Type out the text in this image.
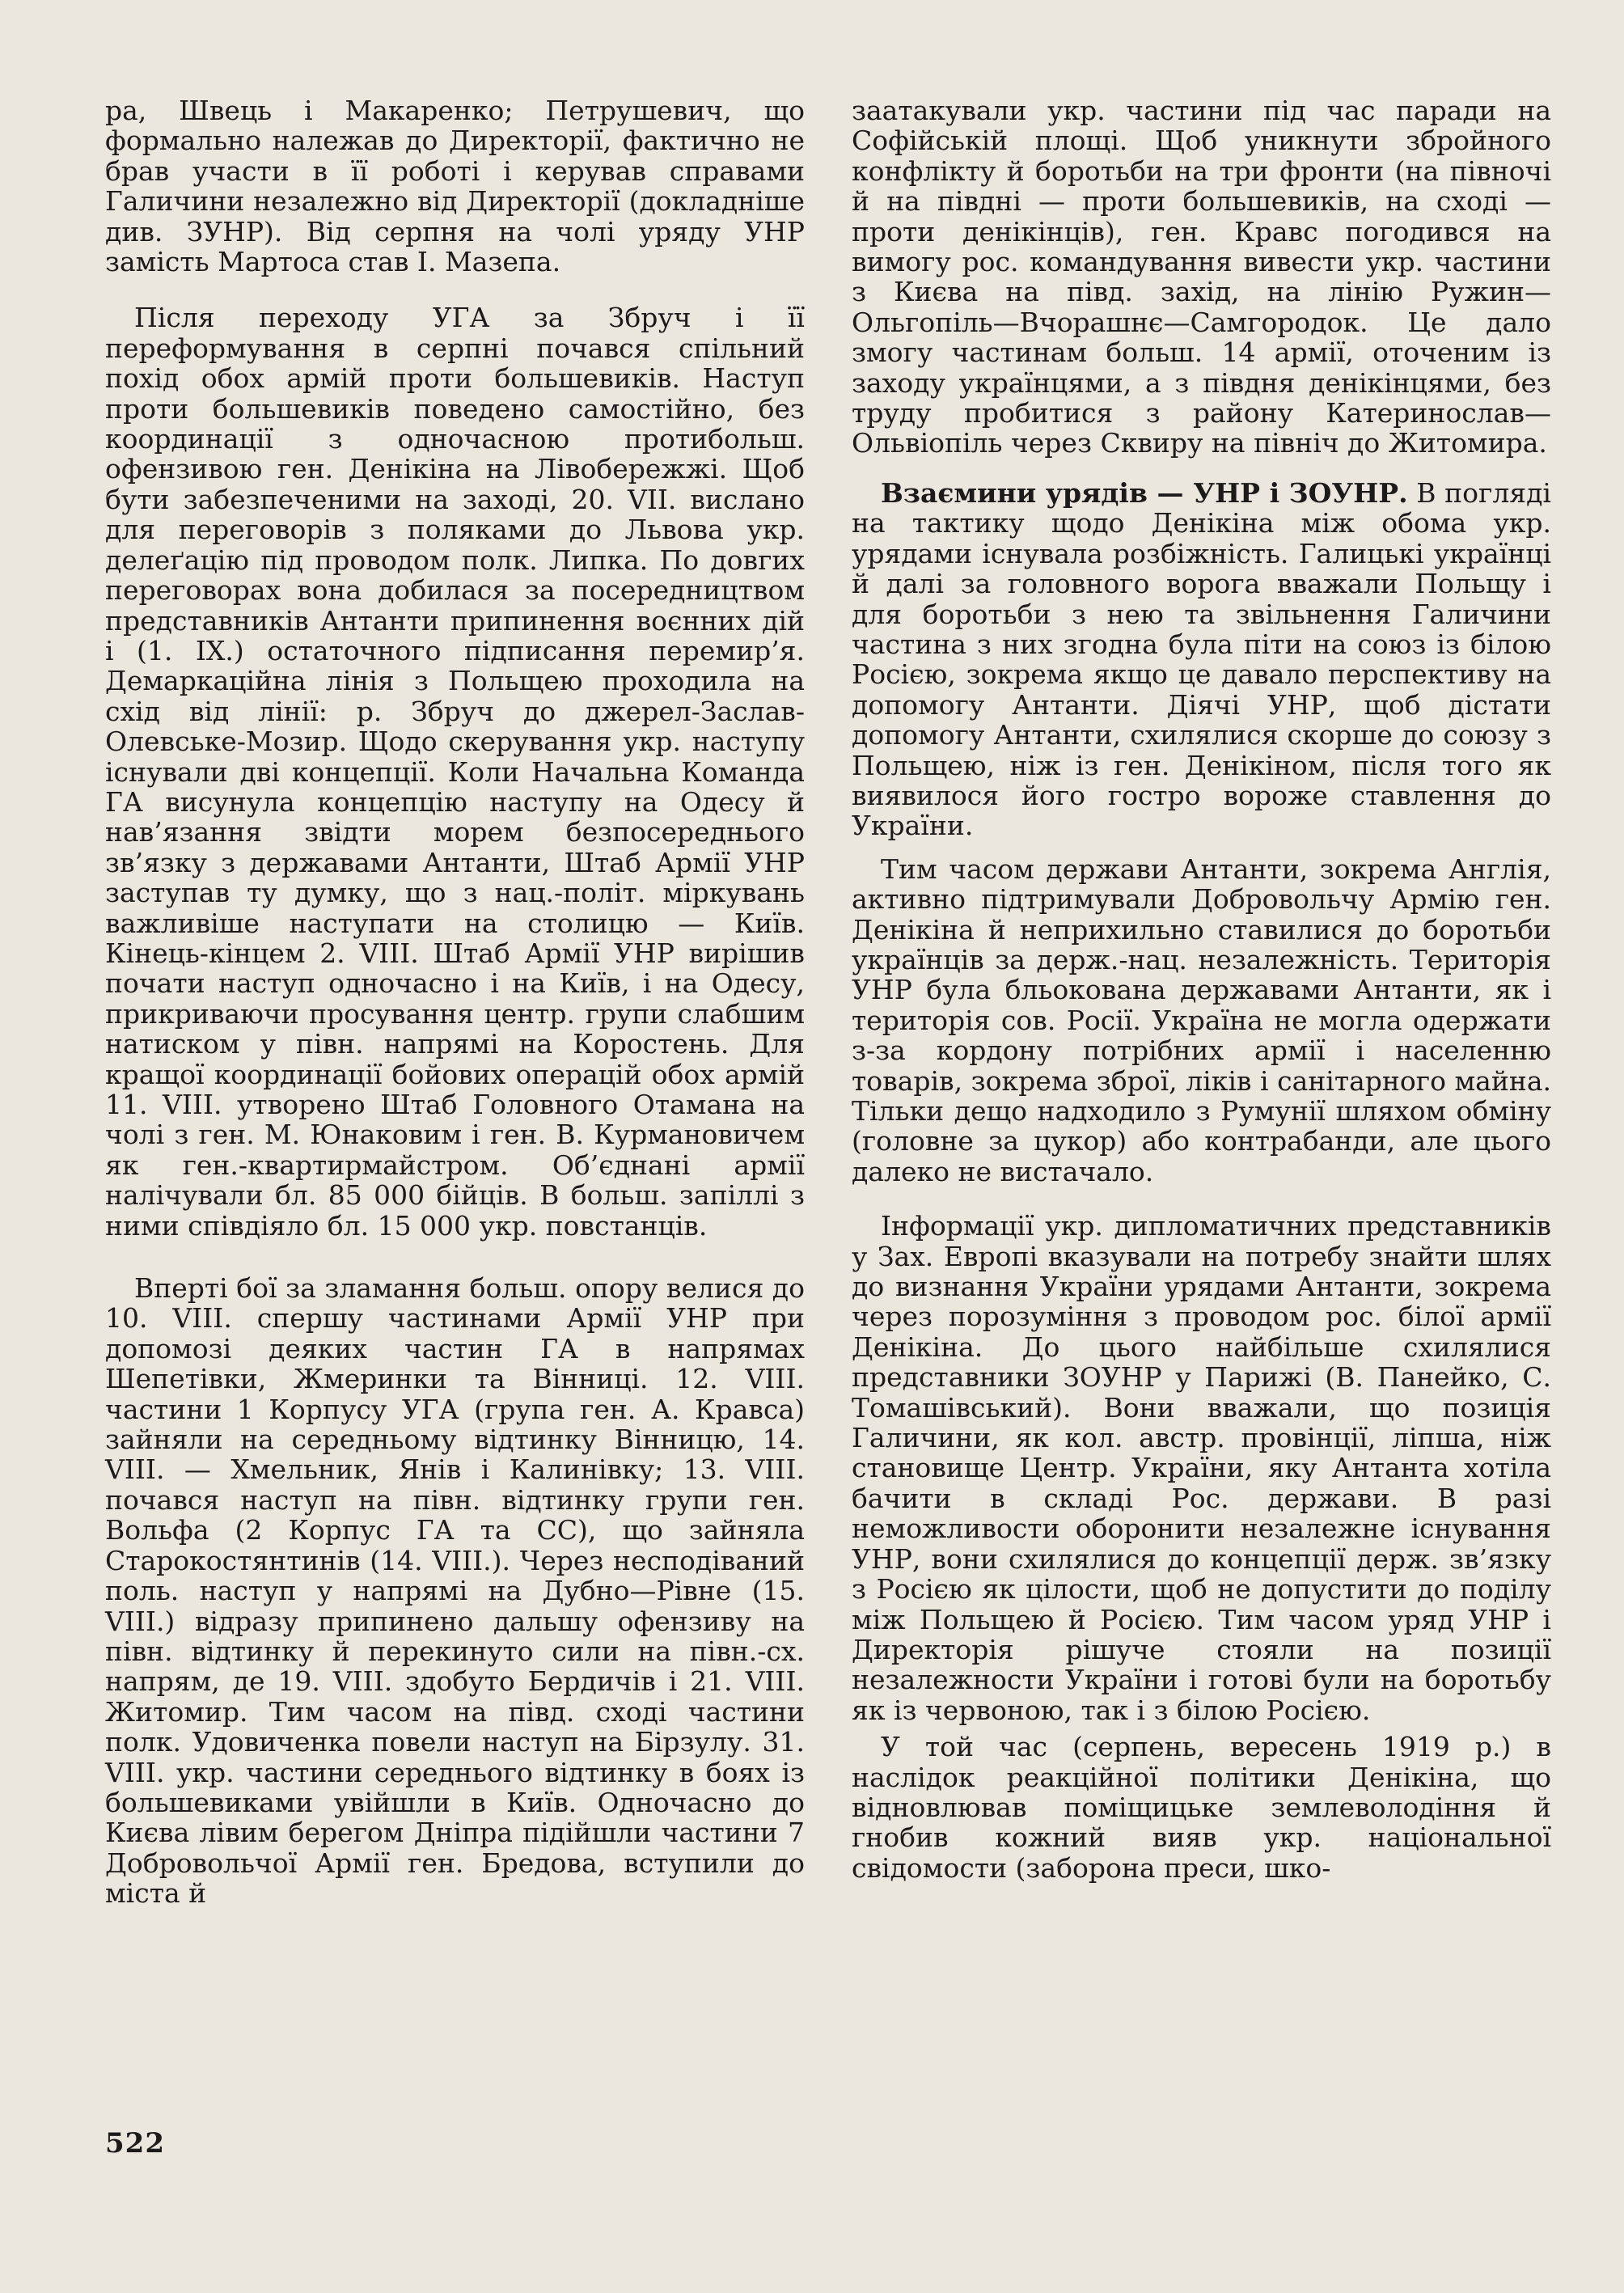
ра, Швець і Макаренко; Петрушевич, що формально належав до Директорії, фактично не брав участи в її роботі і керував справами Галичини незалежно від Директорії (докладніше див. ЗУНР). Від серпня на чолі уряду УНР замість Мартоса став І. Мазепа.

Після переходу УГА за Збруч і її переформування в серпні почався спільний похід обох армій проти большевиків. Наступ проти большевиків поведено самостійно, без координації з одночасною протибольш. офензивою ген. Денікіна на Лівобережжі. Щоб бути забезпеченими на заході, 20. VII. вислано для переговорів з поляками до Львова укр. делеґацію під проводом полк. Липка. По довгих переговорах вона добилася за посередництвом представників Антанти припинення воєнних дій і (1. IX.) остаточного підписання перемир’я. Демаркаційна лінія з Польщею проходила на схід від лінії: р. Збруч до джерел-Заслав-Олевське-Мозир. Щодо скерування укр. наступу існували дві концепції. Коли Начальна Команда ГА висунула концепцію наступу на Одесу й нав’язання звідти морем безпосереднього зв’язку з державами Антанти, Штаб Армії УНР заступав ту думку, що з нац.-політ. міркувань важливіше наступати на столицю — Київ. Кінець-кінцем 2. VIII. Штаб Армії УНР вирішив почати наступ одночасно і на Київ, і на Одесу, прикриваючи просування центр. групи слабшим натиском у півн. напрямі на Коростень. Для кращої координації бойових операцій обох армій 11. VIII. утворено Штаб Головного Отамана на чолі з ген. М. Юнаковим і ген. В. Курмановичем як ген.-квартирмайстром. Об’єднані армії налічували бл. 85 000 бійців. В больш. запіллі з ними співдіяло бл. 15 000 укр. повстанців.

Вперті бої за зламання больш. опору велися до 10. VIII. спершу частинами Армії УНР при допомозі деяких частин ГА в напрямах Шепетівки, Жмеринки та Вінниці. 12. VIII. частини 1 Корпусу УГА (група ген. А. Кравса) зайняли на середньому відтинку Вінницю, 14. VIII. — Хмельник, Янів і Калинівку; 13. VIII. почався наступ на півн. відтинку групи ген. Вольфа (2 Корпус ГА та СС), що зайняла Старокостянтинів (14. VIII.). Через несподіваний поль. наступ у напрямі на Дубно—Рівне (15. VIII.) відразу припинено дальшу офензиву на півн. відтинку й перекинуто сили на півн.-сх. напрям, де 19. VIII. здобуто Бердичів і 21. VIII. Житомир. Тим часом на півд. сході частини полк. Удовиченка повели наступ на Бірзулу. 31. VIII. укр. частини середнього відтинку в боях із большевиками увійшли в Київ. Одночасно до Києва лівим берегом Дніпра підійшли частини 7 Добровольчої Армії ген. Бредова, вступили до міста й

заатакували укр. частини під час паради на Софійській площі. Щоб уникнути збройного конфлікту й боротьби на три фронти (на півночі й на півдні — проти большевиків, на сході — проти денікінців), ген. Кравс погодився на вимогу рос. командування вивести укр. частини з Києва на півд. захід, на лінію Ружин—Ольгопіль—Вчорашнє—Самгородок. Це дало змогу частинам больш. 14 армії, оточеним із заходу українцями, а з півдня денікінцями, без труду пробитися з району Катеринослав—Ольвіопіль через Сквиру на північ до Житомира.

Взаємини урядів — УНР і ЗОУНР. В погляді на тактику щодо Денікіна між обома укр. урядами існувала розбіжність. Галицькі українці й далі за головного ворога вважали Польщу і для боротьби з нею та звільнення Галичини частина з них згодна була піти на союз із білою Росією, зокрема якщо це давало перспективу на допомогу Антанти. Діячі УНР, щоб дістати допомогу Антанти, схилялися скорше до союзу з Польщею, ніж із ген. Денікіном, після того як виявилося його гостро вороже ставлення до України.

Тим часом держави Антанти, зокрема Англія, активно підтримували Добровольчу Армію ген. Денікіна й неприхильно ставилися до боротьби українців за держ.-нац. незалежність. Територія УНР була бльокована державами Антанти, як і територія сов. Росії. Україна не могла одержати з-за кордону потрібних армії і населенню товарів, зокрема зброї, ліків і санітарного майна. Тільки дещо надходило з Румунії шляхом обміну (головне за цукор) або контрабанди, але цього далеко не вистачало.

Інформації укр. дипломатичних представників у Зах. Европі вказували на потребу знайти шлях до визнання України урядами Антанти, зокрема через порозуміння з проводом рос. білої армії Денікіна. До цього найбільше схилялися представники ЗОУНР у Парижі (В. Панейко, С. Томашівський). Вони вважали, що позиція Галичини, як кол. австр. провінції, ліпша, ніж становище Центр. України, яку Антанта хотіла бачити в складі Рос. держави. В разі неможливости оборонити незалежне існування УНР, вони схилялися до концепції держ. зв’язку з Росією як цілости, щоб не допустити до поділу між Польщею й Росією. Тим часом уряд УНР і Директорія рішуче стояли на позиції незалежности України і готові були на боротьбу як із червоною, так і з білою Росією.

У той час (серпень, вересень 1919 р.) в наслідок реакційної політики Денікіна, що відновлював поміщицьке землеволодіння й гнобив кожний вияв укр. національної свідомости (заборона преси, шко-

522
